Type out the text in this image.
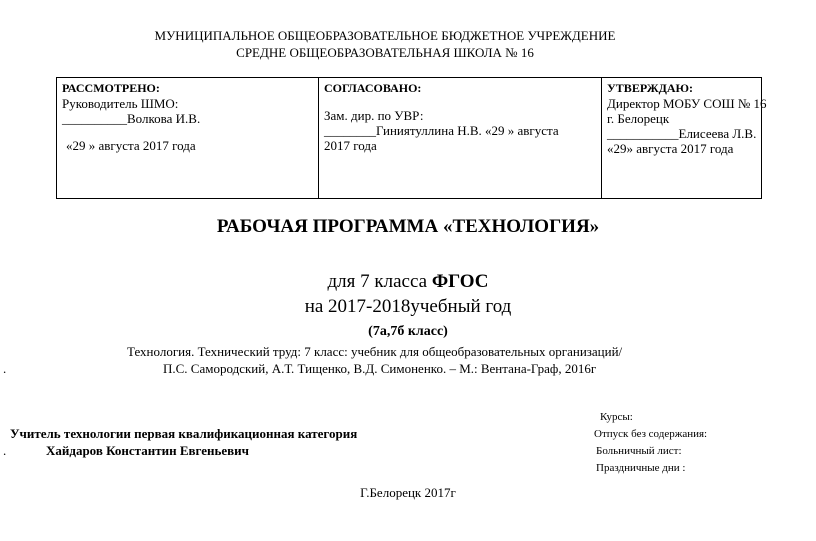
МУНИЦИПАЛЬНОЕ ОБЩЕОБРАЗОВАТЕЛЬНОЕ БЮДЖЕТНОЕ УЧРЕЖДЕНИЕ
СРЕДНЕ ОБЩЕОБРАЗОВАТЕЛЬНАЯ ШКОЛА № 16
РАССМОТРЕНО:
Руководитель ШМО:
__________Волкова И.В.
«29 » августа 2017 года

СОГЛАСОВАНО:
Зам. дир. по УВР:
________Гиниятуллина Н.В. «29 » августа
2017 года

УТВЕРЖДАЮ:
Директор МОБУ СОШ № 16
г. Белорецк
___________Елисеева Л.В.
«29» августа 2017 года
РАБОЧАЯ ПРОГРАММА «ТЕХНОЛОГИЯ»
для 7 класса ФГОС
на 2017-2018учебный год
(7а,7б класс)
Технология. Технический труд: 7 класс: учебник для общеобразовательных организаций/
.	П.С. Самородский, А.Т. Тищенко, В.Д. Симоненко. – М.: Вентана-Граф, 2016г
Курсы:
Учитель технологии первая квалификационная категория	Отпуск без содержания:
.	Хайдаров Константин Евгеньевич	Больничный лист:
Праздничные дни :
Г.Белорецк 2017г
